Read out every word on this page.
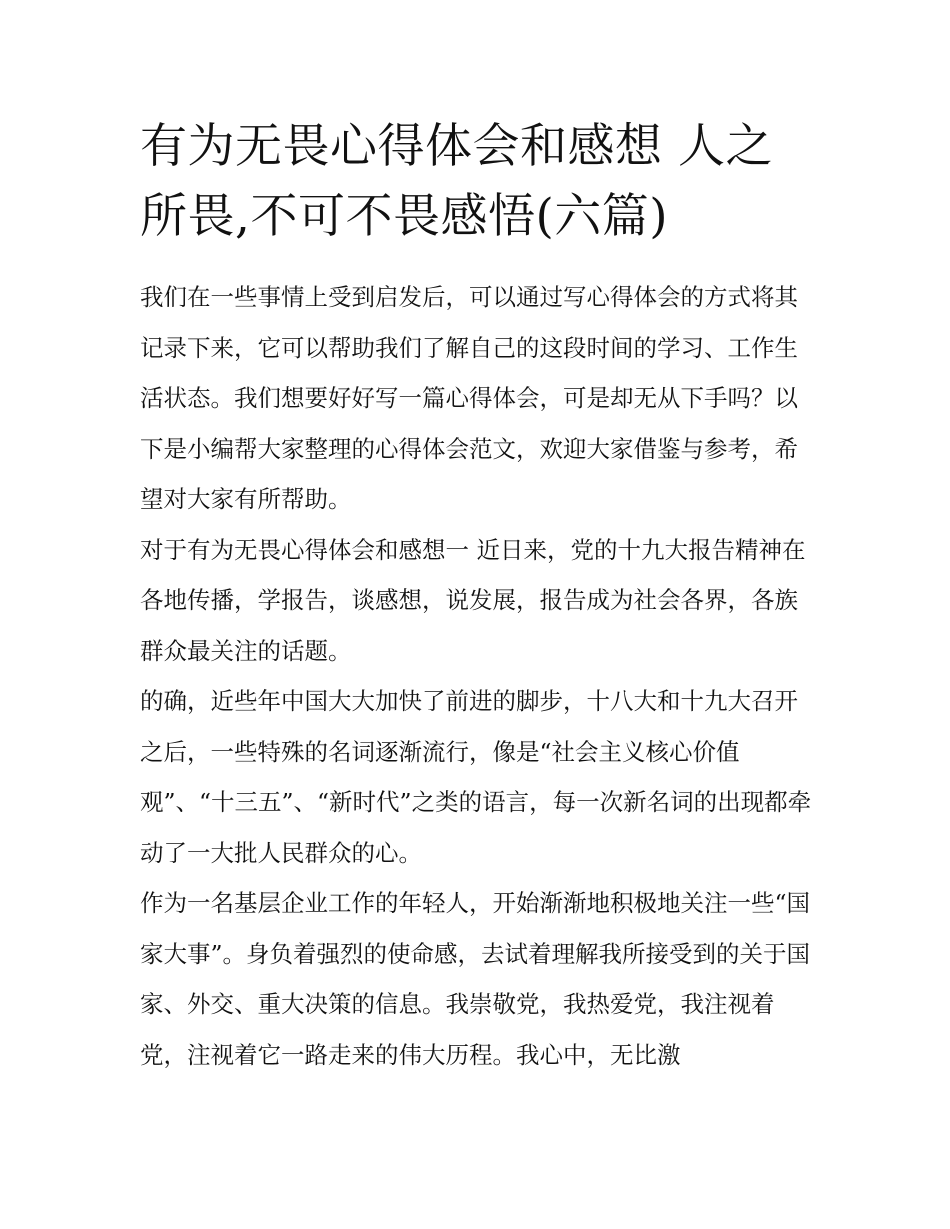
有为无畏心得体会和感想 人之所畏,不可不畏感悟(六篇)

我们在一些事情上受到启发后，可以通过写心得体会的方式将其记录下来，它可以帮助我们了解自己的这段时间的学习、工作生活状态。我们想要好好写一篇心得体会，可是却无从下手吗？以下是小编帮大家整理的心得体会范文，欢迎大家借鉴与参考，希望对大家有所帮助。

对于有为无畏心得体会和感想一 近日来，党的十九大报告精神在各地传播，学报告，谈感想，说发展，报告成为社会各界，各族群众最关注的话题。

的确，近些年中国大大加快了前进的脚步，十八大和十九大召开之后，一些特殊的名词逐渐流行，像是“社会主义核心价值观”、“十三五”、“新时代”之类的语言，每一次新名词的出现都牵动了一大批人民群众的心。

作为一名基层企业工作的年轻人，开始渐渐地积极地关注一些“国家大事”。身负着强烈的使命感，去试着理解我所接受到的关于国家、外交、重大决策的信息。我崇敬党，我热爱党，我注视着党，注视着它一路走来的伟大历程。我心中，无比激
